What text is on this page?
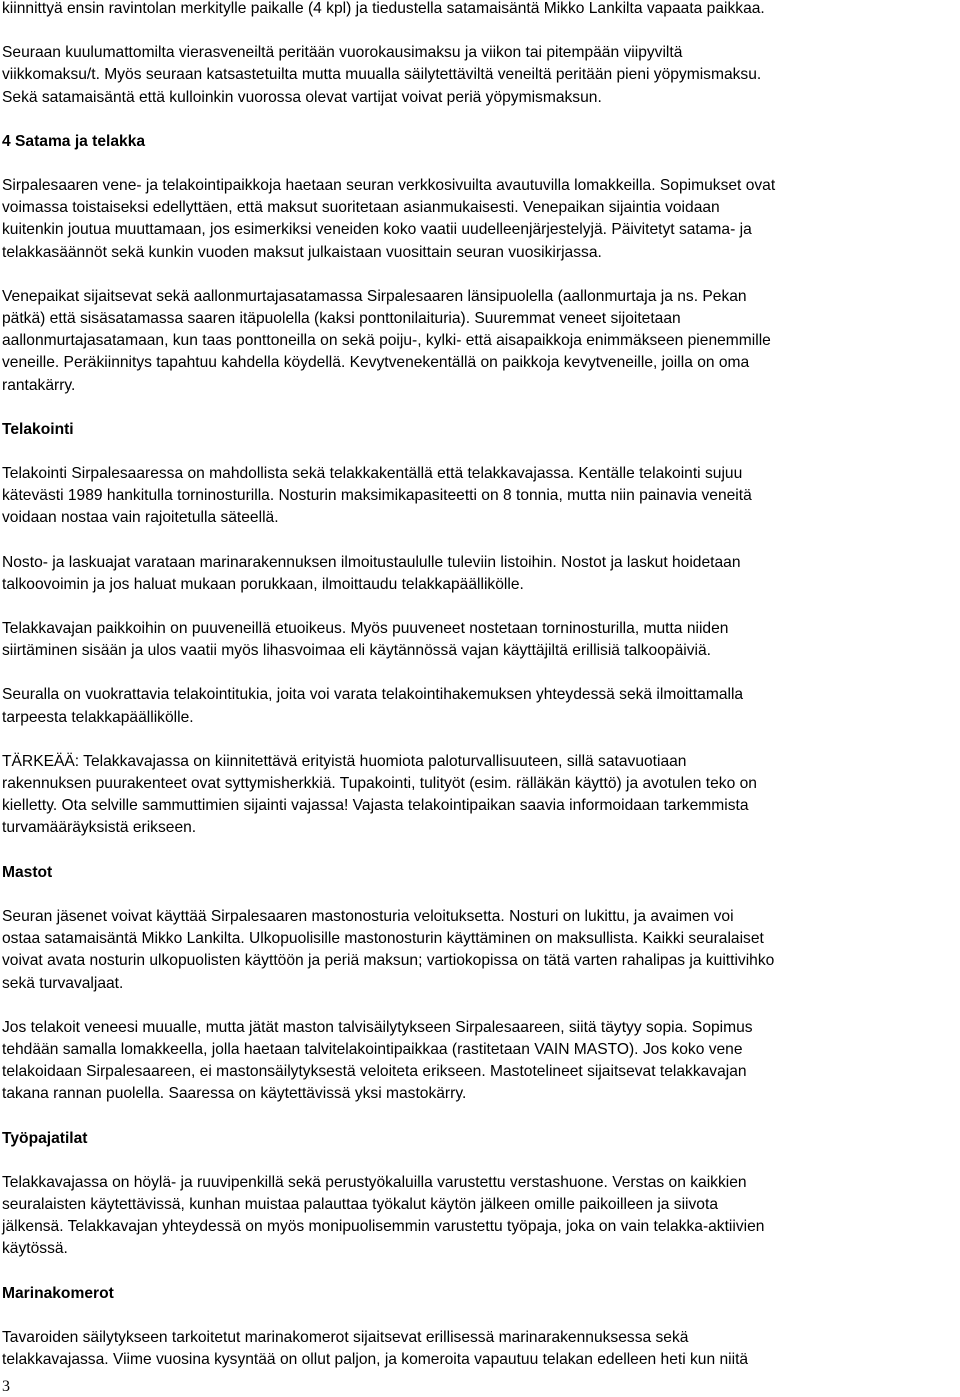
kiinnittyä ensin ravintolan merkitylle paikalle (4 kpl) ja tiedustella satamaisäntä Mikko Lankilta vapaata paikkaa.
Seuraan kuulumattomilta vierasveneiltä peritään vuorokausimaksu ja viikon tai pitempään viipyviltä
viikkomaksu/t. Myös seuraan katsastetuilta mutta muualla säilytettäviltä veneiltä peritään pieni yöpymismaksu.
Sekä satamaisäntä että kulloinkin vuorossa olevat vartijat voivat periä yöpymismaksun.
4 Satama ja telakka
Sirpalesaaren vene- ja telakointipaikkoja haetaan seuran verkkosivuilta avautuvilla lomakkeilla. Sopimukset ovat
voimassa toistaiseksi edellyttäen, että maksut suoritetaan asianmukaisesti. Venepaikan sijaintia voidaan
kuitenkin joutua muuttamaan, jos esimerkiksi veneiden koko vaatii uudelleenjärjestelyjä. Päivitetyt satama- ja
telakkasäännöt sekä kunkin vuoden maksut julkaistaan vuosittain seuran vuosikirjassa.
Venepaikat sijaitsevat sekä aallonmurtajasatamassa Sirpalesaaren länsipuolella (aallonmurtaja ja ns. Pekan
pätkä) että sisäsatamassa saaren itäpuolella (kaksi ponttonilaituria). Suuremmat veneet sijoitetaan
aallonmurtajasatamaan, kun taas ponttoneilla on sekä poiju-, kylki- että aisapaikkoja enimmäkseen pienemmille
veneille. Peräkiinnitys tapahtuu kahdella köydellä. Kevytvenekentällä on paikkoja kevytveneille, joilla on oma
rantakärry.
Telakointi
Telakointi Sirpalesaaressa on mahdollista sekä telakkakentällä että telakkavajassa. Kentälle telakointi sujuu
kätevästi 1989 hankitulla torninosturilla. Nosturin maksimikapasiteetti on 8 tonnia, mutta niin painavia veneitä
voidaan nostaa vain rajoitetulla säteellä.
Nosto- ja laskuajat varataan marinarakennuksen ilmoitustaululle tuleviin listoihin. Nostot ja laskut hoidetaan
talkoovoimin ja jos haluat mukaan porukkaan, ilmoittaudu telakkapäällikölle.
Telakkavajan paikkoihin on puuveneillä etuoikeus. Myös puuveneet nostetaan torninosturilla, mutta niiden
siirtäminen sisään ja ulos vaatii myös lihasvoimaa eli käytännössä vajan käyttäjiltä erillisiä talkoopäiviä.
Seuralla on vuokrattavia telakointitukia, joita voi varata telakointihakemuksen yhteydessä sekä ilmoittamalla
tarpeesta telakkapäällikölle.
TÄRKEÄÄ: Telakkavajassa on kiinnitettävä erityistä huomiota paloturvallisuuteen, sillä satavuotiaan
rakennuksen puurakenteet ovat syttymisherkkiä. Tupakointi, tulityöt (esim. rälläkän käyttö) ja avotulen teko on
kielletty. Ota selville sammuttimien sijainti vajassa! Vajasta telakointipaikan saavia informoidaan tarkemmista
turvamääräyksistä erikseen.
Mastot
Seuran jäsenet voivat käyttää Sirpalesaaren mastonosturia veloituksetta. Nosturi on lukittu, ja avaimen voi
ostaa satamaisäntä Mikko Lankilta. Ulkopuolisille mastonosturin käyttäminen on maksullista. Kaikki seuralaiset
voivat avata nosturin ulkopuolisten käyttöön ja periä maksun; vartiokopissa on tätä varten rahalipas ja kuittivihko
sekä turvavaljaat.
Jos telakoit veneesi muualle, mutta jätät maston talvisäilytykseen Sirpalesaareen, siitä täytyy sopia. Sopimus
tehdään samalla lomakkeella, jolla haetaan talvitelakointipaikkaa (rastitetaan VAIN MASTO). Jos koko vene
telakoidaan Sirpalesaareen, ei mastonsäilytyksestä veloiteta erikseen. Mastotelineet sijaitsevat telakkavajan
takana rannan puolella. Saaressa on käytettävissä yksi mastokärry.
Työpajatilat
Telakkavajassa on höylä- ja ruuvipenkillä sekä perustyökaluilla varustettu verstashuone. Verstas on kaikkien
seuralaisten käytettävissä, kunhan muistaa palauttaa työkalut käytön jälkeen omille paikoilleen ja siivota
jälkensä. Telakkavajan yhteydessä on myös monipuolisemmin varustettu työpaja, joka on vain telakka-aktiivien
käytössä.
Marinakomerot
Tavaroiden säilytykseen tarkoitetut marinakomerot sijaitsevat erillisessä marinarakennuksessa sekä
telakkavajassa. Viime vuosina kysyntää on ollut paljon, ja komeroita vapautuu telakan edelleen heti kun niitä
3
